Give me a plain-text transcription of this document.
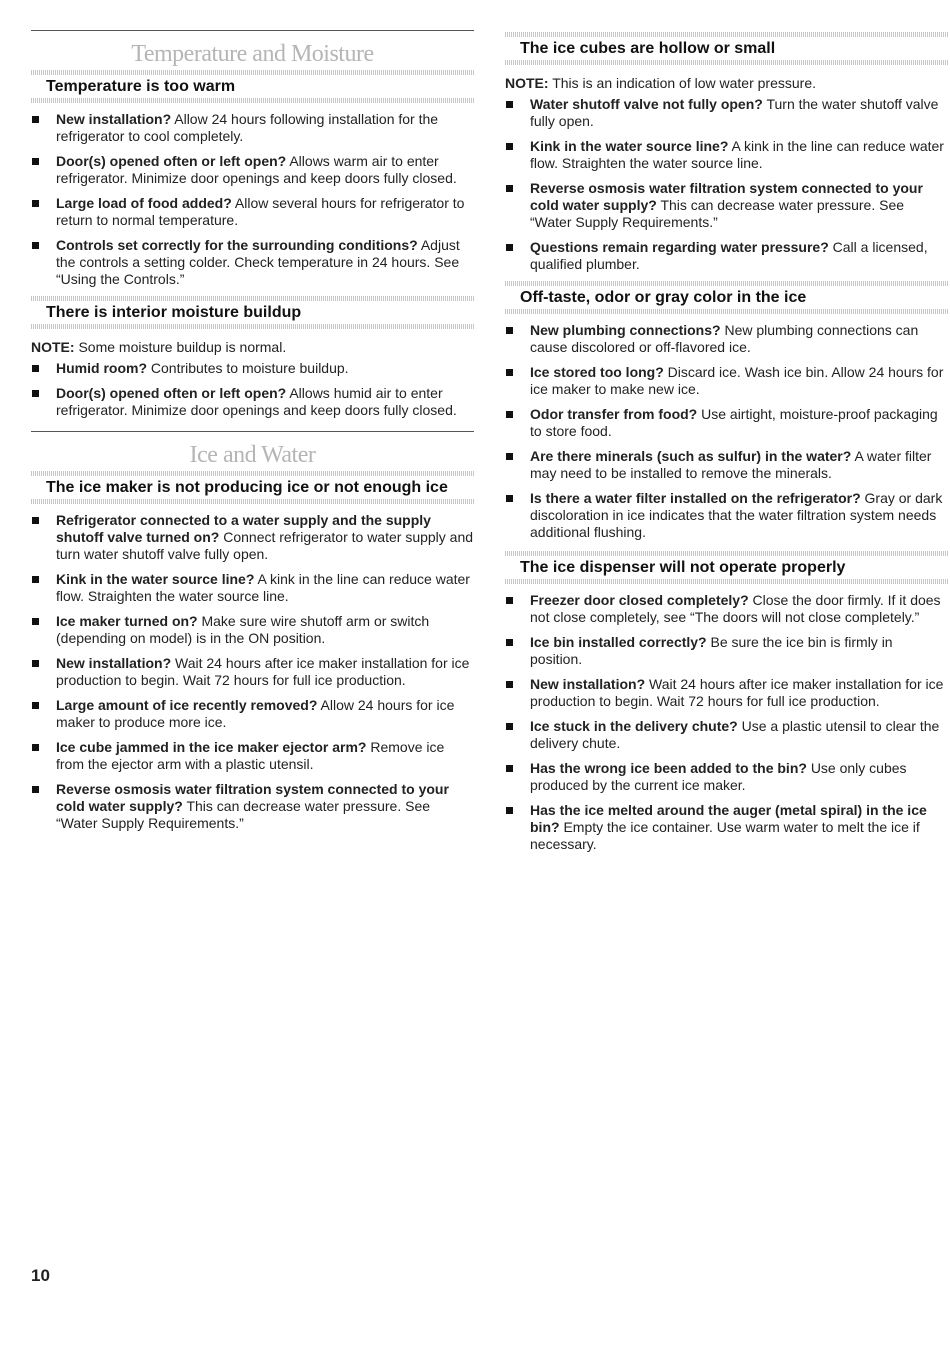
Temperature and Moisture
Temperature is too warm
New installation? Allow 24 hours following installation for the refrigerator to cool completely.
Door(s) opened often or left open? Allows warm air to enter refrigerator. Minimize door openings and keep doors fully closed.
Large load of food added? Allow several hours for refrigerator to return to normal temperature.
Controls set correctly for the surrounding conditions? Adjust the controls a setting colder. Check temperature in 24 hours. See “Using the Controls.”
There is interior moisture buildup
NOTE: Some moisture buildup is normal.
Humid room? Contributes to moisture buildup.
Door(s) opened often or left open? Allows humid air to enter refrigerator. Minimize door openings and keep doors fully closed.
Ice and Water
The ice maker is not producing ice or not enough ice
Refrigerator connected to a water supply and the supply shutoff valve turned on? Connect refrigerator to water supply and turn water shutoff valve fully open.
Kink in the water source line? A kink in the line can reduce water flow. Straighten the water source line.
Ice maker turned on? Make sure wire shutoff arm or switch (depending on model) is in the ON position.
New installation? Wait 24 hours after ice maker installation for ice production to begin. Wait 72 hours for full ice production.
Large amount of ice recently removed? Allow 24 hours for ice maker to produce more ice.
Ice cube jammed in the ice maker ejector arm? Remove ice from the ejector arm with a plastic utensil.
Reverse osmosis water filtration system connected to your cold water supply? This can decrease water pressure. See “Water Supply Requirements.”
The ice cubes are hollow or small
NOTE: This is an indication of low water pressure.
Water shutoff valve not fully open? Turn the water shutoff valve fully open.
Kink in the water source line? A kink in the line can reduce water flow. Straighten the water source line.
Reverse osmosis water filtration system connected to your cold water supply? This can decrease water pressure. See “Water Supply Requirements.”
Questions remain regarding water pressure? Call a licensed, qualified plumber.
Off-taste, odor or gray color in the ice
New plumbing connections? New plumbing connections can cause discolored or off-flavored ice.
Ice stored too long? Discard ice. Wash ice bin. Allow 24 hours for ice maker to make new ice.
Odor transfer from food? Use airtight, moisture-proof packaging to store food.
Are there minerals (such as sulfur) in the water? A water filter may need to be installed to remove the minerals.
Is there a water filter installed on the refrigerator? Gray or dark discoloration in ice indicates that the water filtration system needs additional flushing.
The ice dispenser will not operate properly
Freezer door closed completely? Close the door firmly. If it does not close completely, see “The doors will not close completely.”
Ice bin installed correctly? Be sure the ice bin is firmly in position.
New installation? Wait 24 hours after ice maker installation for ice production to begin. Wait 72 hours for full ice production.
Ice stuck in the delivery chute? Use a plastic utensil to clear the delivery chute.
Has the wrong ice been added to the bin? Use only cubes produced by the current ice maker.
Has the ice melted around the auger (metal spiral) in the ice bin? Empty the ice container. Use warm water to melt the ice if necessary.
10
